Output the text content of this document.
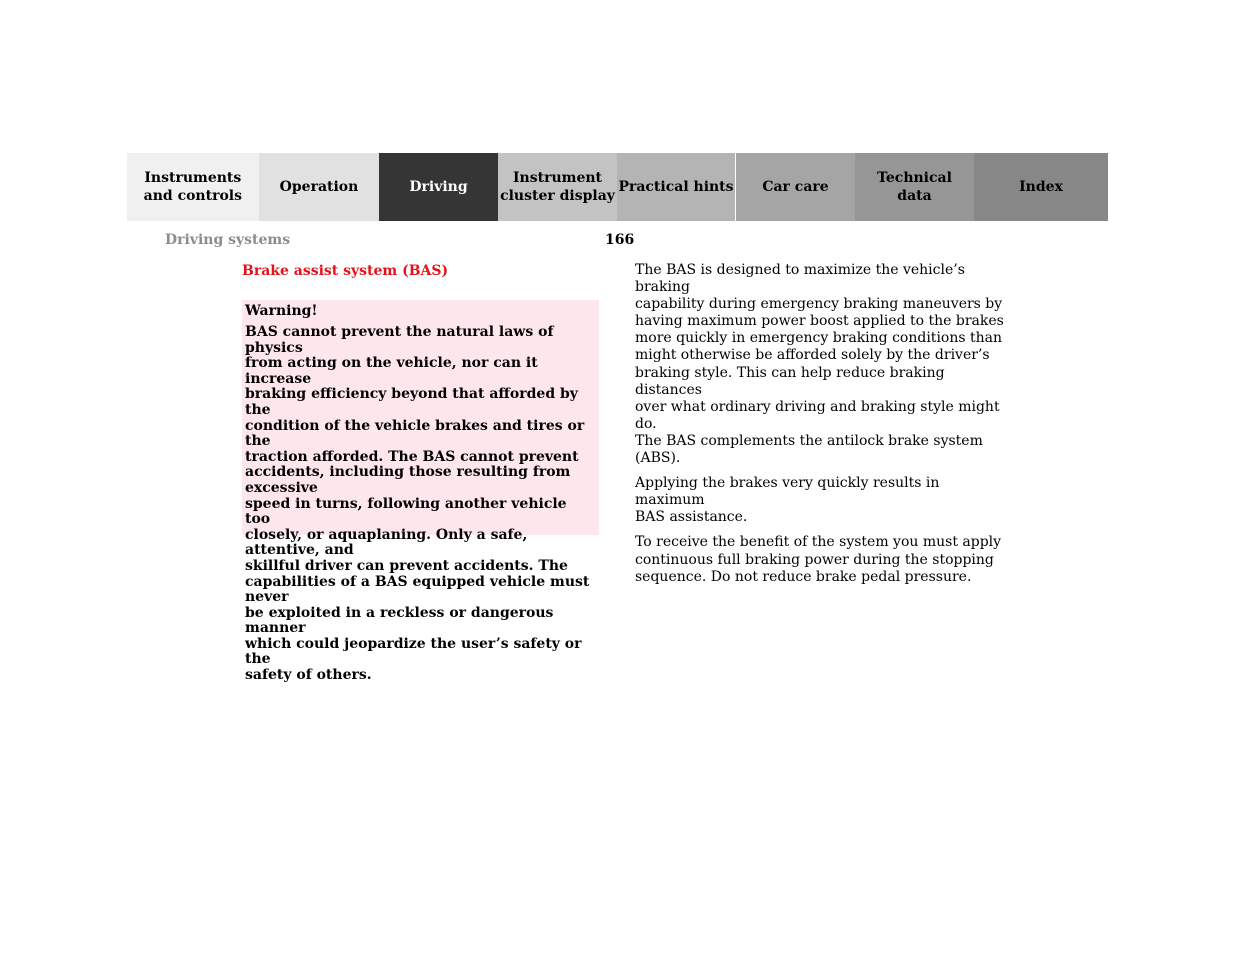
Instruments
and controls
Operation	Driving
Instrument
cluster display
Practical hints	Car care
Technical
data
Index
Driving systems	166
Brake assist system (BAS)
Warning!
BAS cannot prevent the natural laws of physics
from acting on the vehicle, nor can it increase
braking efficiency beyond that afforded by the
condition of the vehicle brakes and tires or the
traction afforded. The BAS cannot prevent
accidents, including those resulting from excessive
speed in turns, following another vehicle too
closely, or aquaplaning. Only a safe, attentive, and
skillful driver can prevent accidents. The
capabilities of a BAS equipped vehicle must never
be exploited in a reckless or dangerous manner
which could jeopardize the user’s safety or the
safety of others.

The BAS is designed to maximize the vehicle’s braking
capability during emergency braking maneuvers by
having maximum power boost applied to the brakes
more quickly in emergency braking conditions than
might otherwise be afforded solely by the driver’s
braking style. This can help reduce braking distances
over what ordinary driving and braking style might do.
The BAS complements the antilock brake system (ABS).

Applying the brakes very quickly results in maximum
BAS assistance.

To receive the benefit of the system you must apply
continuous full braking power during the stopping
sequence. Do not reduce brake pedal pressure.
